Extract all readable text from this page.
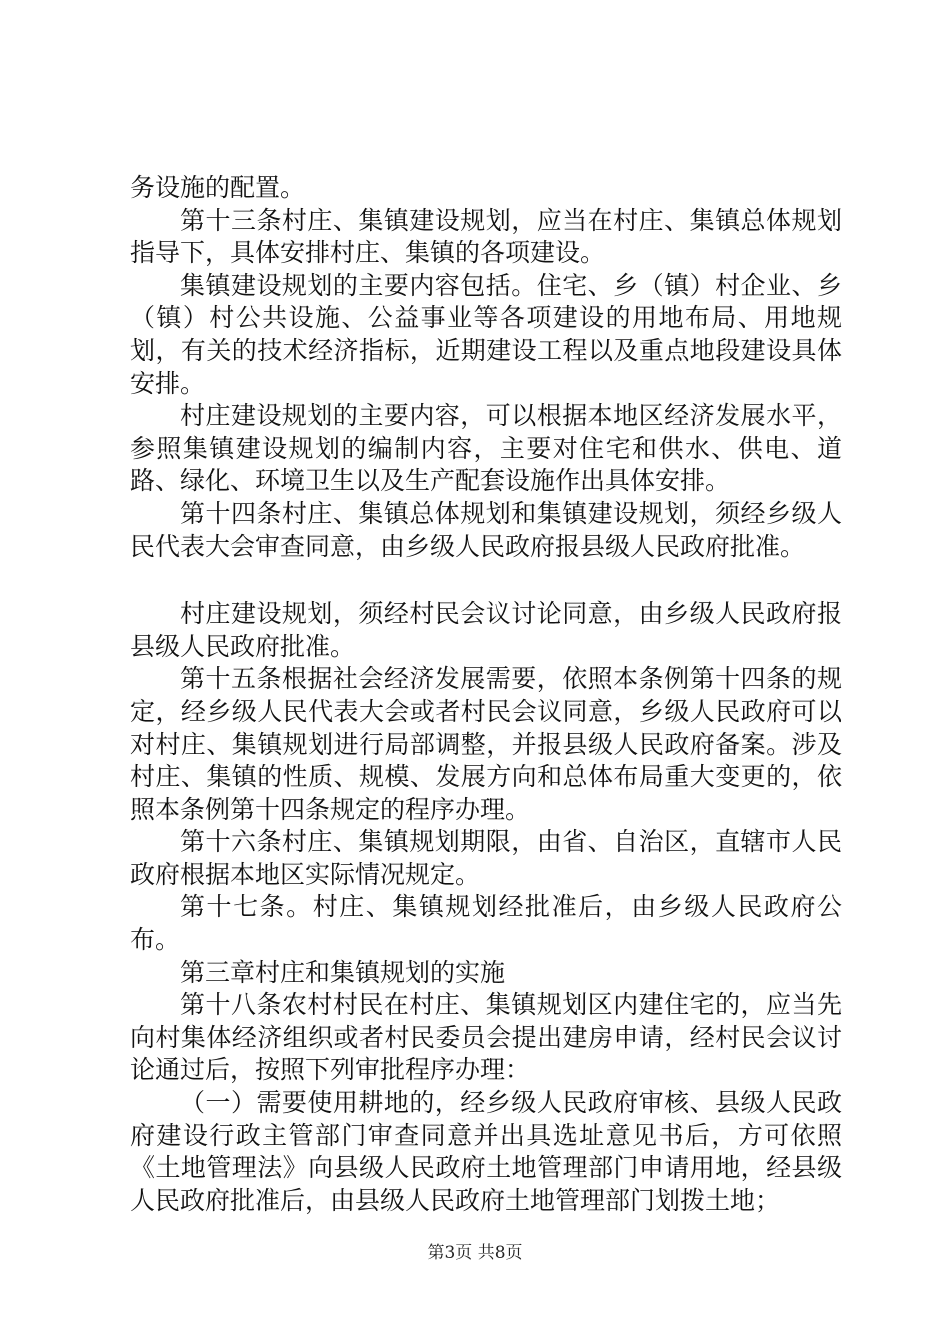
务设施的配置。

第十三条村庄、集镇建设规划，应当在村庄、集镇总体规划指导下，具体安排村庄、集镇的各项建设。

集镇建设规划的主要内容包括。住宅、乡（镇）村企业、乡（镇）村公共设施、公益事业等各项建设的用地布局、用地规划，有关的技术经济指标，近期建设工程以及重点地段建设具体安排。

村庄建设规划的主要内容，可以根据本地区经济发展水平，参照集镇建设规划的编制内容，主要对住宅和供水、供电、道路、绿化、环境卫生以及生产配套设施作出具体安排。

第十四条村庄、集镇总体规划和集镇建设规划，须经乡级人民代表大会审查同意，由乡级人民政府报县级人民政府批准。

村庄建设规划，须经村民会议讨论同意，由乡级人民政府报县级人民政府批准。

第十五条根据社会经济发展需要，依照本条例第十四条的规定，经乡级人民代表大会或者村民会议同意，乡级人民政府可以对村庄、集镇规划进行局部调整，并报县级人民政府备案。涉及村庄、集镇的性质、规模、发展方向和总体布局重大变更的，依照本条例第十四条规定的程序办理。

第十六条村庄、集镇规划期限，由省、自治区，直辖市人民政府根据本地区实际情况规定。

第十七条。村庄、集镇规划经批准后，由乡级人民政府公布。

第三章村庄和集镇规划的实施

第十八条农村村民在村庄、集镇规划区内建住宅的，应当先向村集体经济组织或者村民委员会提出建房申请，经村民会议讨论通过后，按照下列审批程序办理：

（一）需要使用耕地的，经乡级人民政府审核、县级人民政府建设行政主管部门审查同意并出具选址意见书后，方可依照《土地管理法》向县级人民政府土地管理部门申请用地，经县级人民政府批准后，由县级人民政府土地管理部门划拨土地；

第3页 共8页
